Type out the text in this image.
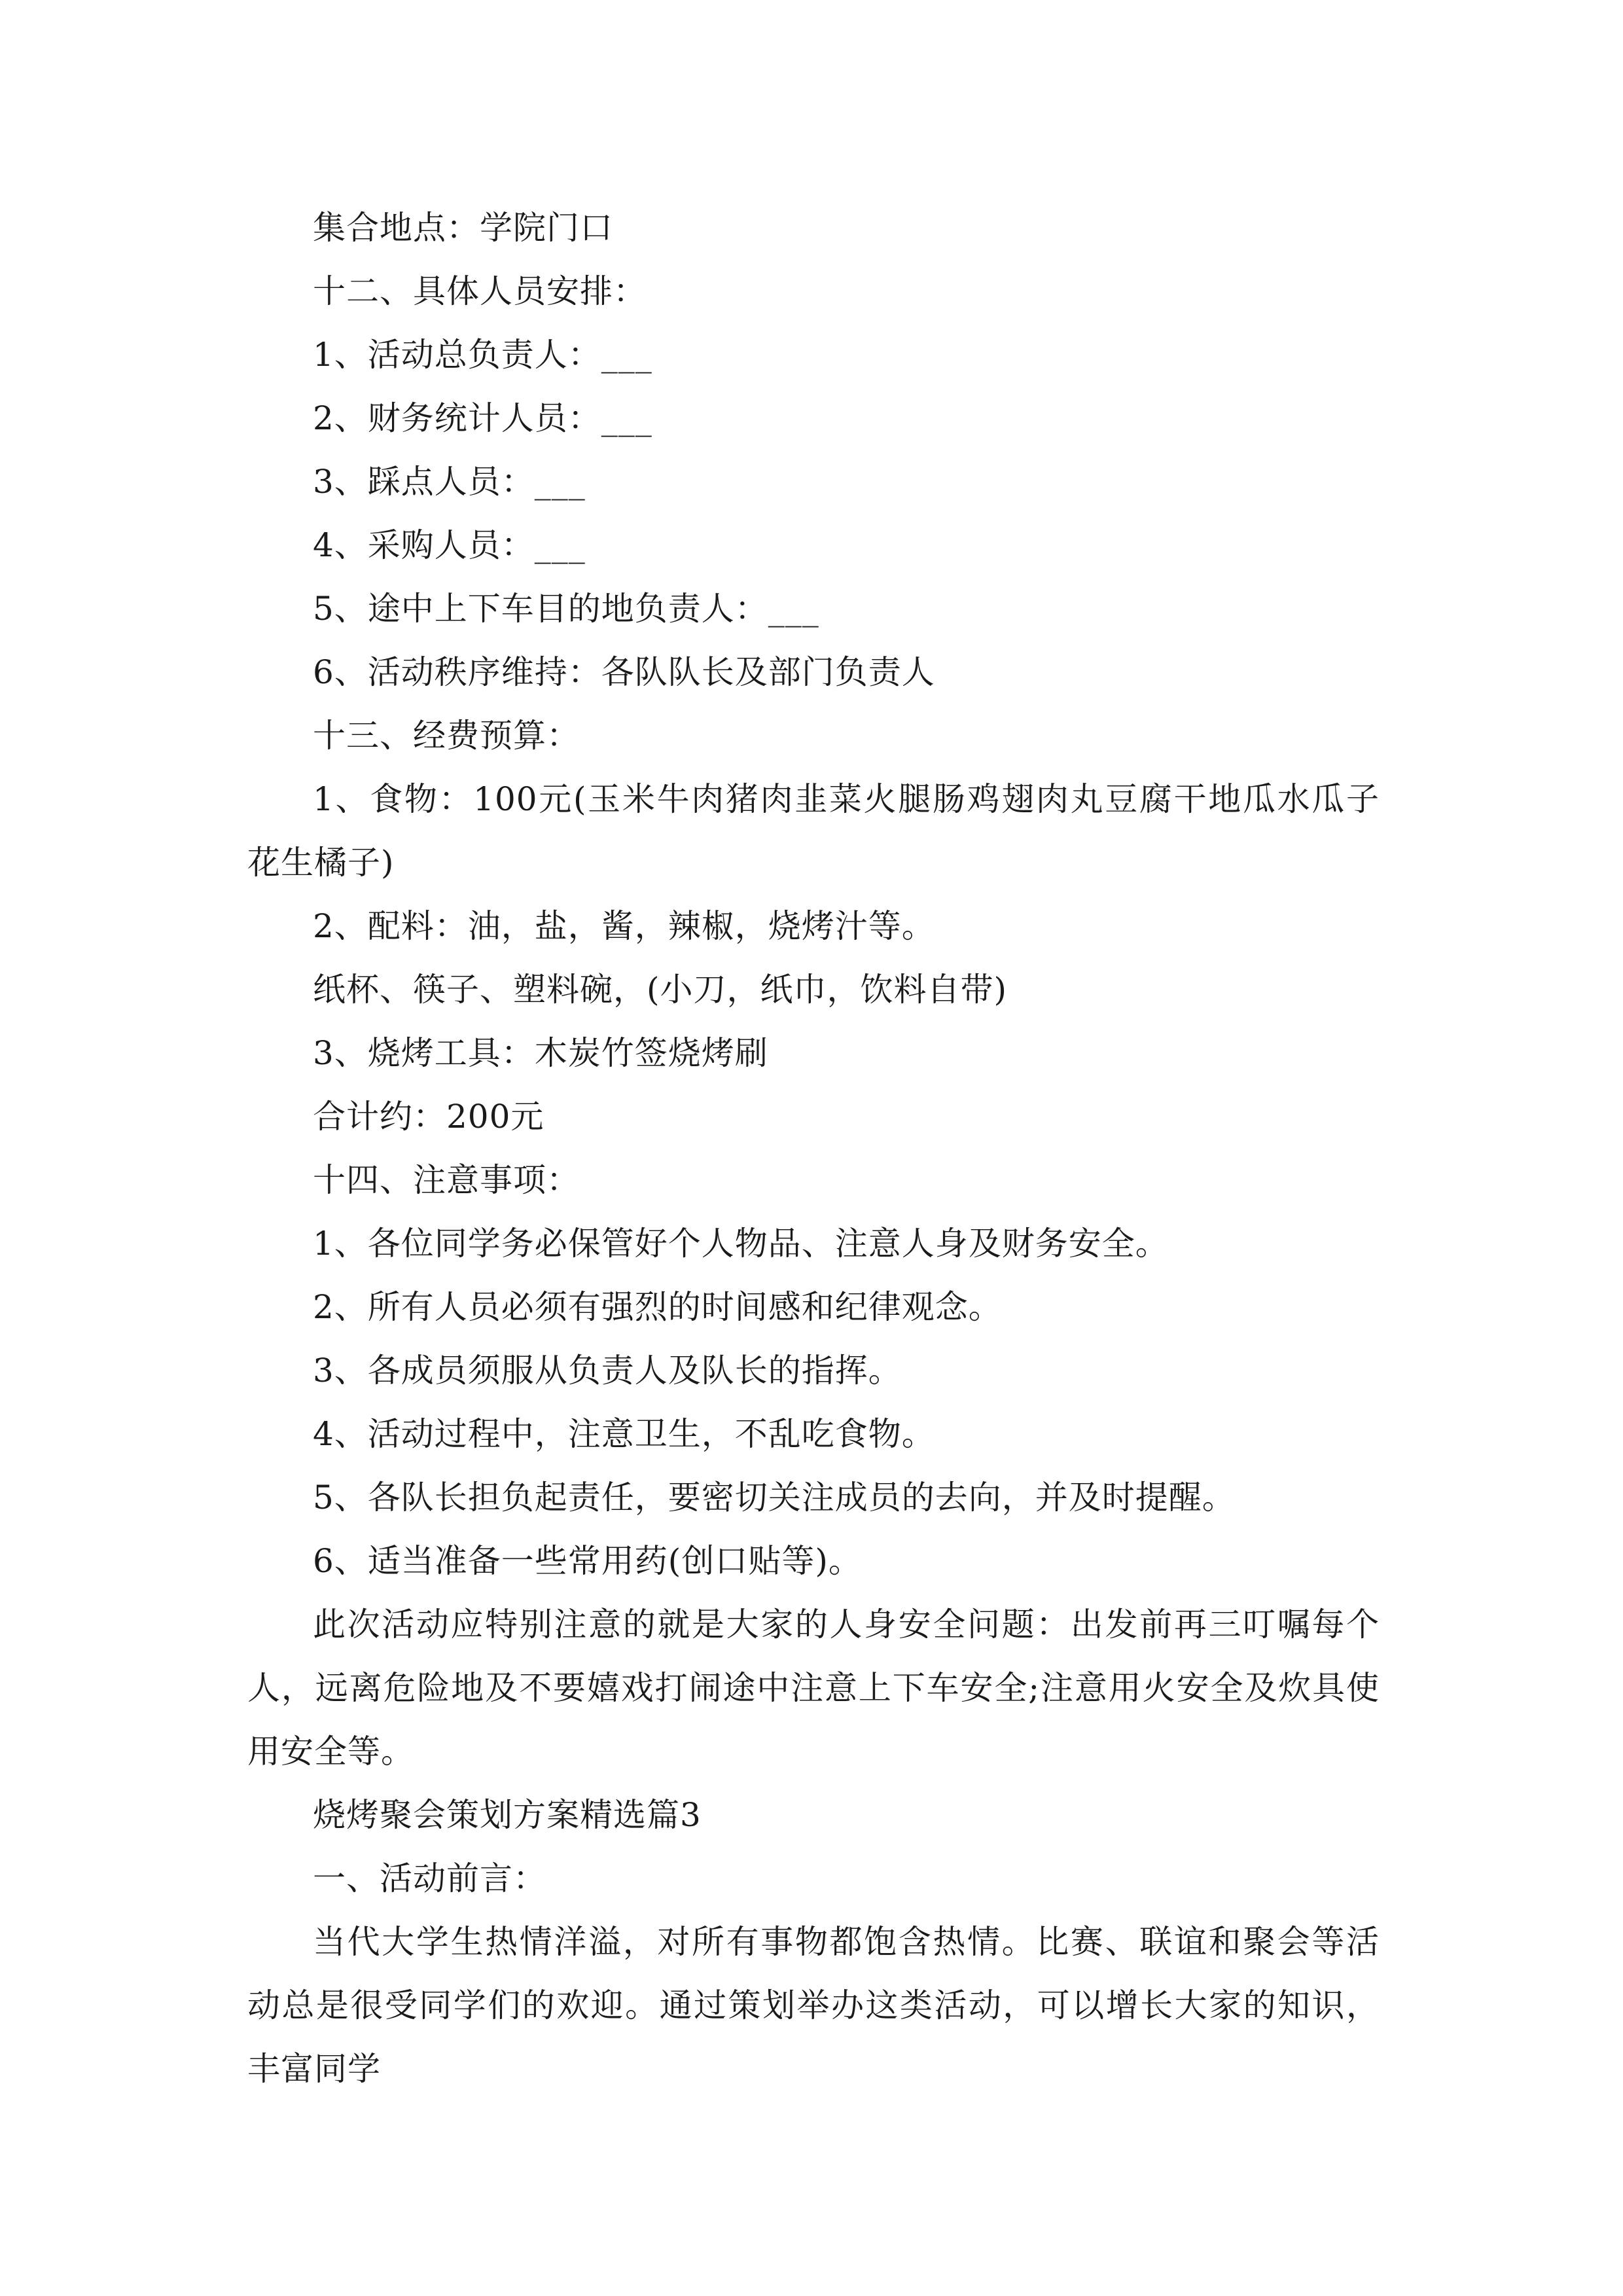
集合地点：学院门口

十二、具体人员安排：

1、活动总负责人：___

2、财务统计人员：___

3、踩点人员：___

4、采购人员：___

5、途中上下车目的地负责人：___

6、活动秩序维持：各队队长及部门负责人

十三、经费预算：

1、食物：100元(玉米牛肉猪肉韭菜火腿肠鸡翅肉丸豆腐干地瓜水瓜子花生橘子)

2、配料：油，盐，酱，辣椒，烧烤汁等。

纸杯、筷子、塑料碗，(小刀，纸巾，饮料自带)

3、烧烤工具：木炭竹签烧烤刷

合计约：200元

十四、注意事项：

1、各位同学务必保管好个人物品、注意人身及财务安全。

2、所有人员必须有强烈的时间感和纪律观念。

3、各成员须服从负责人及队长的指挥。

4、活动过程中，注意卫生，不乱吃食物。

5、各队长担负起责任，要密切关注成员的去向，并及时提醒。

6、适当准备一些常用药(创口贴等)。

此次活动应特别注意的就是大家的人身安全问题：出发前再三叮嘱每个人，远离危险地及不要嬉戏打闹途中注意上下车安全;注意用火安全及炊具使用安全等。

烧烤聚会策划方案精选篇3

一、活动前言：

当代大学生热情洋溢，对所有事物都饱含热情。比赛、联谊和聚会等活动总是很受同学们的欢迎。通过策划举办这类活动，可以增长大家的知识，丰富同学
